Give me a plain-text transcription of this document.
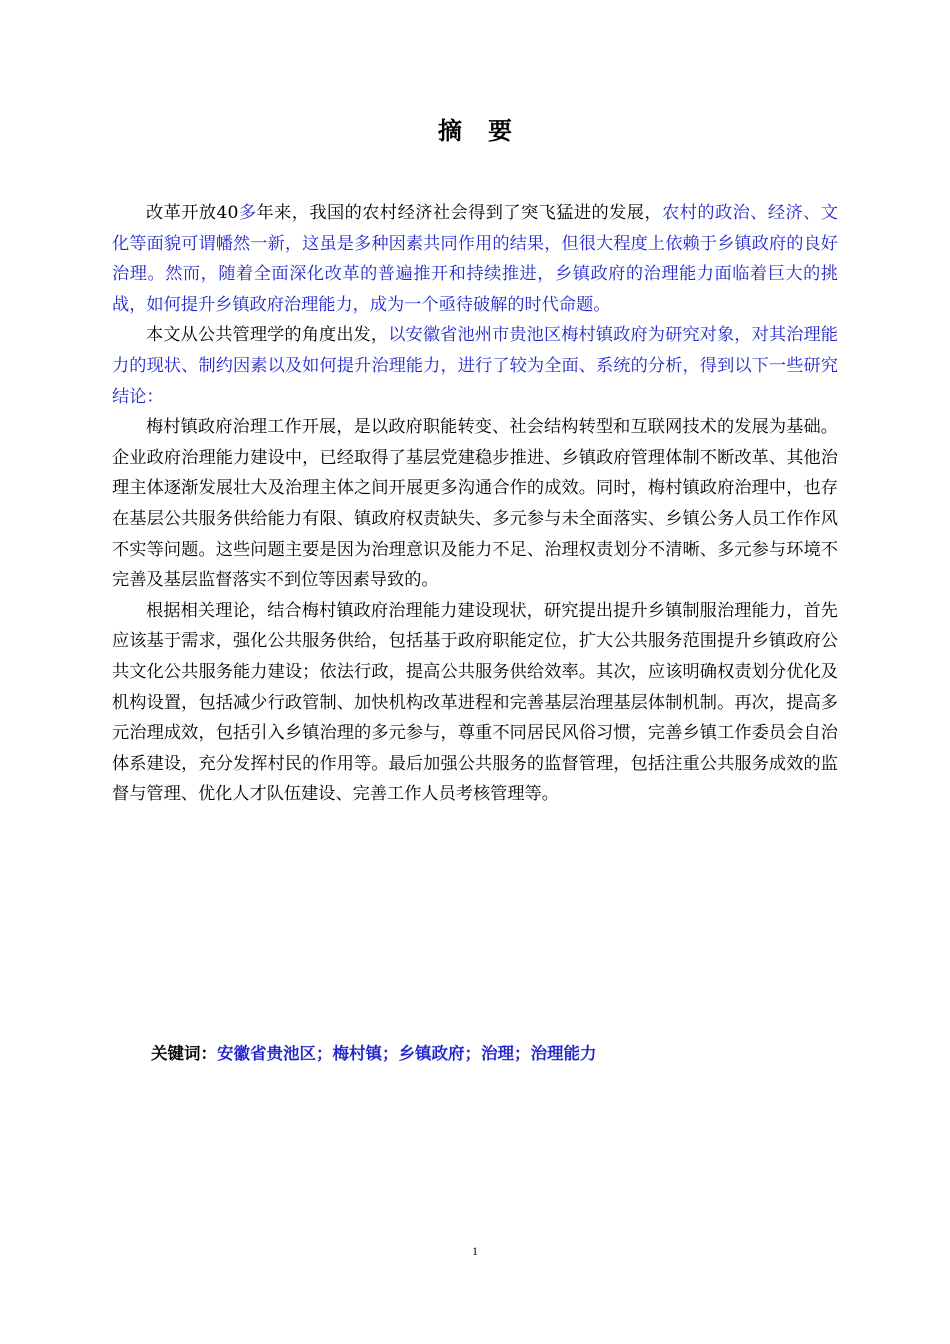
摘 要

改革开放40多年来，我国的农村经济社会得到了突飞猛进的发展，农村的政治、经济、文化等面貌可谓幡然一新，这虽是多种因素共同作用的结果，但很大程度上依赖于乡镇政府的良好治理。然而，随着全面深化改革的普遍推开和持续推进，乡镇政府的治理能力面临着巨大的挑战，如何提升乡镇政府治理能力，成为一个亟待破解的时代命题。

本文从公共管理学的角度出发，以安徽省池州市贵池区梅村镇政府为研究对象，对其治理能力的现状、制约因素以及如何提升治理能力，进行了较为全面、系统的分析，得到以下一些研究结论：

梅村镇政府治理工作开展，是以政府职能转变、社会结构转型和互联网技术的发展为基础。企业政府治理能力建设中，已经取得了基层党建稳步推进、乡镇政府管理体制不断改革、其他治理主体逐渐发展壮大及治理主体之间开展更多沟通合作的成效。同时，梅村镇政府治理中，也存在基层公共服务供给能力有限、镇政府权责缺失、多元参与未全面落实、乡镇公务人员工作作风不实等问题。这些问题主要是因为治理意识及能力不足、治理权责划分不清晰、多元参与环境不完善及基层监督落实不到位等因素导致的。

根据相关理论，结合梅村镇政府治理能力建设现状，研究提出提升乡镇制服治理能力，首先应该基于需求，强化公共服务供给，包括基于政府职能定位，扩大公共服务范围提升乡镇政府公共文化公共服务能力建设；依法行政，提高公共服务供给效率。其次，应该明确权责划分优化及机构设置，包括减少行政管制、加快机构改革进程和完善基层治理基层体制机制。再次，提高多元治理成效，包括引入乡镇治理的多元参与，尊重不同居民风俗习惯，完善乡镇工作委员会自治体系建设，充分发挥村民的作用等。最后加强公共服务的监督管理，包括注重公共服务成效的监督与管理、优化人才队伍建设、完善工作人员考核管理等。

关键词：安徽省贵池区；梅村镇；乡镇政府；治理；治理能力
1
